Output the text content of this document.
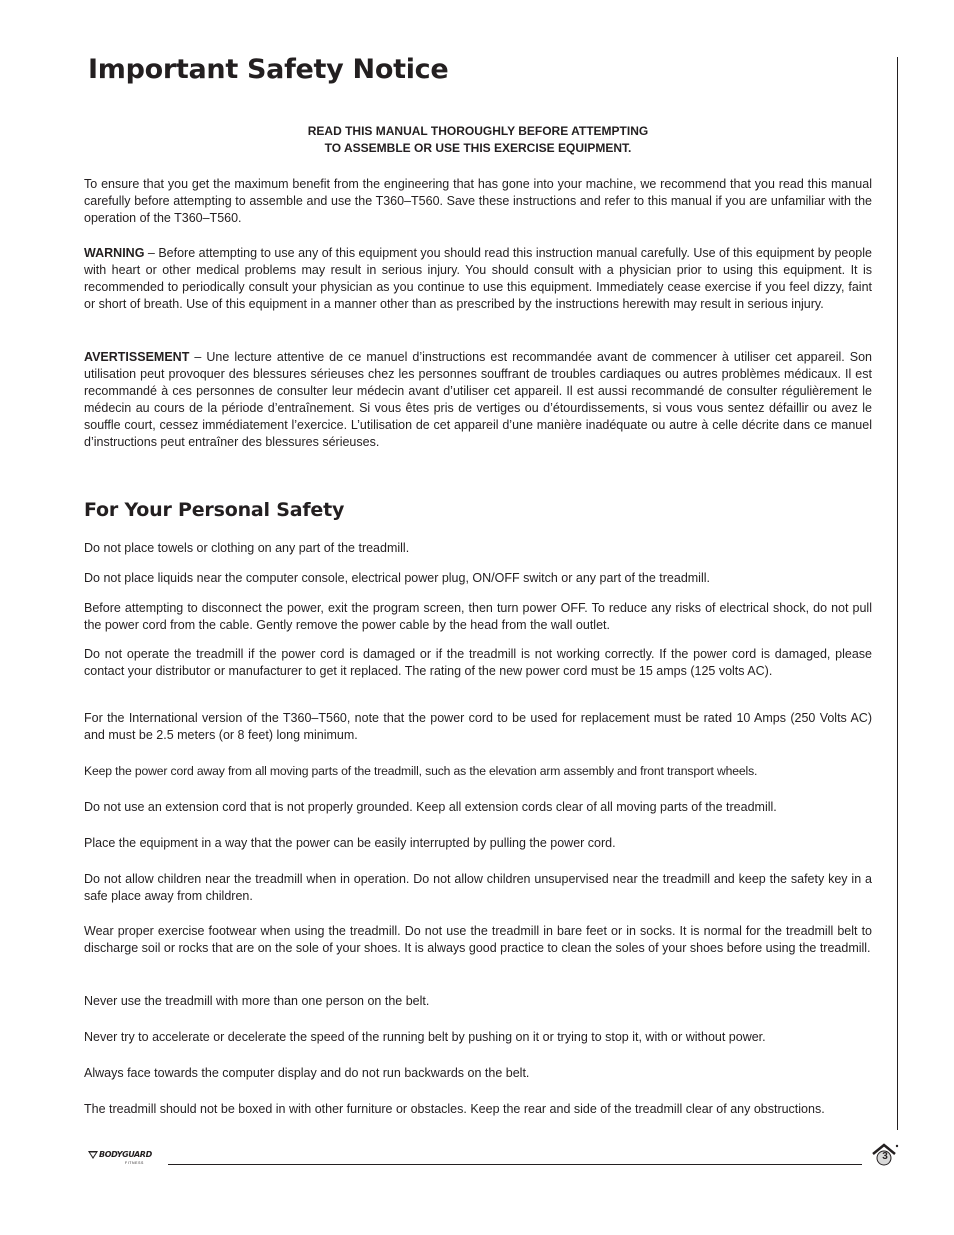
Important Safety Notice
READ THIS MANUAL THOROUGHLY BEFORE ATTEMPTING
TO ASSEMBLE OR USE THIS EXERCISE EQUIPMENT.

To ensure that you get the maximum benefit from the engineering that has gone into your machine, we recommend that you read this manual carefully before attempting to assemble and use the T360–T560. Save these instructions and refer to this manual if you are unfamiliar with the operation of the T360–T560.

WARNING – Before attempting to use any of this equipment you should read this instruction manual carefully. Use of this equipment by people with heart or other medical problems may result in serious injury. You should consult with a physician prior to using this equipment. It is recommended to periodically consult your physician as you continue to use this equipment. Immediately cease exercise if you feel dizzy, faint or short of breath. Use of this equipment in a manner other than as prescribed by the instructions herewith may result in serious injury.

AVERTISSEMENT – Une lecture attentive de ce manuel d’instructions est recommandée avant de commencer à utiliser cet appareil. Son utilisation peut provoquer des blessures sérieuses chez les personnes souffrant de troubles cardiaques ou autres problèmes médicaux. Il est recommandé à ces personnes de consulter leur médecin avant d’utiliser cet appareil. Il est aussi recommandé de consulter régulièrement le médecin au cours de la période d’entraînement. Si vous êtes pris de vertiges ou d’étourdissements, si vous vous sentez défaillir ou avez le souffle court, cessez immédiatement l’exercice. L’utilisation de cet appareil d’une manière inadéquate ou autre à celle décrite dans ce manuel d’instructions peut entraîner des blessures sérieuses.

For Your Personal Safety

Do not place towels or clothing on any part of the treadmill.

Do not place liquids near the computer console, electrical power plug, ON/OFF switch or any part of the treadmill.

Before attempting to disconnect the power, exit the program screen, then turn power OFF. To reduce any risks of electrical shock, do not pull the power cord from the cable. Gently remove the power cable by the head from the wall outlet.

Do not operate the treadmill if the power cord is damaged or if the treadmill is not working correctly. If the power cord is damaged, please contact your distributor or manufacturer to get it replaced. The rating of the new power cord must be 15 amps (125 volts AC).

For the International version of the T360–T560, note that the power cord to be used for replacement must be rated 10 Amps (250 Volts AC) and must be 2.5 meters (or 8 feet) long minimum.

Keep the power cord away from all moving parts of the treadmill, such as the elevation arm assembly and front transport wheels.

Do not use an extension cord that is not properly grounded. Keep all extension cords clear of all moving parts of the treadmill.

Place the equipment in a way that the power can be easily interrupted by pulling the power cord.

Do not allow children near the treadmill when in operation. Do not allow children unsupervised near the treadmill and keep the safety key in a safe place away from children.

Wear proper exercise footwear when using the treadmill. Do not use the treadmill in bare feet or in socks. It is normal for the treadmill belt to discharge soil or rocks that are on the sole of your shoes. It is always good practice to clean the soles of your shoes before using the treadmill.

Never use the treadmill with more than one person on the belt.

Never try to accelerate or decelerate the speed of the running belt by pushing on it or trying to stop it, with or without power.

Always face towards the computer display and do not run backwards on the belt.

The treadmill should not be boxed in with other furniture or obstacles. Keep the rear and side of the treadmill clear of any obstructions.

BODYGUARD
FITNESS
3
